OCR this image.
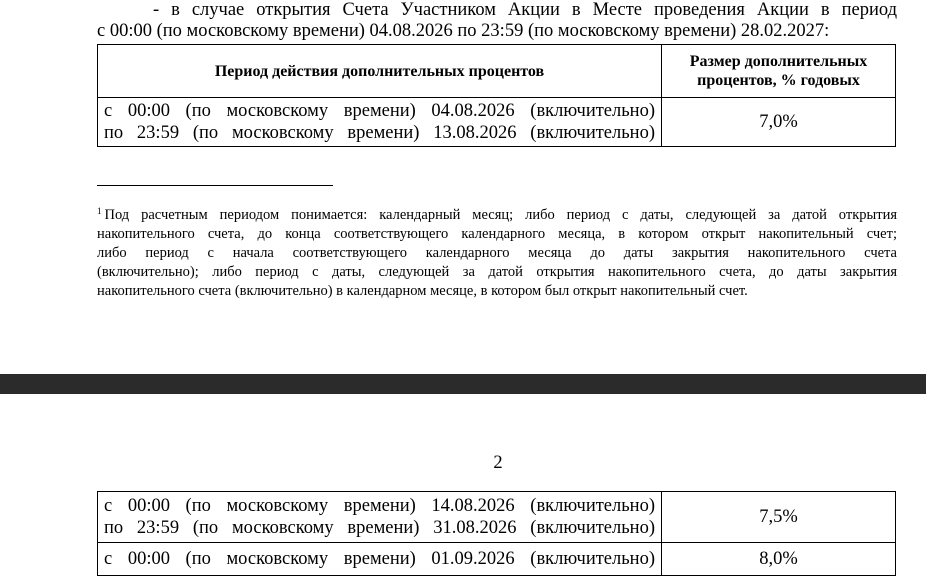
- в случае открытия Счета Участником Акции в Месте проведения Акции в период
с 00:00 (по московскому времени) 04.08.2026 по 23:59 (по московскому времени) 28.02.2027:
Период действия дополнительных процентов	Размер дополнительных
процентов, % годовых

с 00:00 (по московскому времени) 04.08.2026 (включительно)
по 23:59 (по московскому времени) 13.08.2026 (включительно)	7,0%
$^1$ Под расчетным периодом понимается: календарный месяц; либо период с даты, следующей за датой открытия
накопительного счета, до конца соответствующего календарного месяца, в котором открыт накопительный счет;
либо период с начала соответствующего календарного месяца до даты закрытия накопительного счета
(включительно); либо период с даты, следующей за датой открытия накопительного счета, до даты закрытия
накопительного счета (включительно) в календарном месяце, в котором был открыт накопительный счет.
2
с 00:00 (по московскому времени) 14.08.2026 (включительно)
по 23:59 (по московскому времени) 31.08.2026 (включительно)	7,5%

с 00:00 (по московскому времени) 01.09.2026 (включительно)	8,0%
